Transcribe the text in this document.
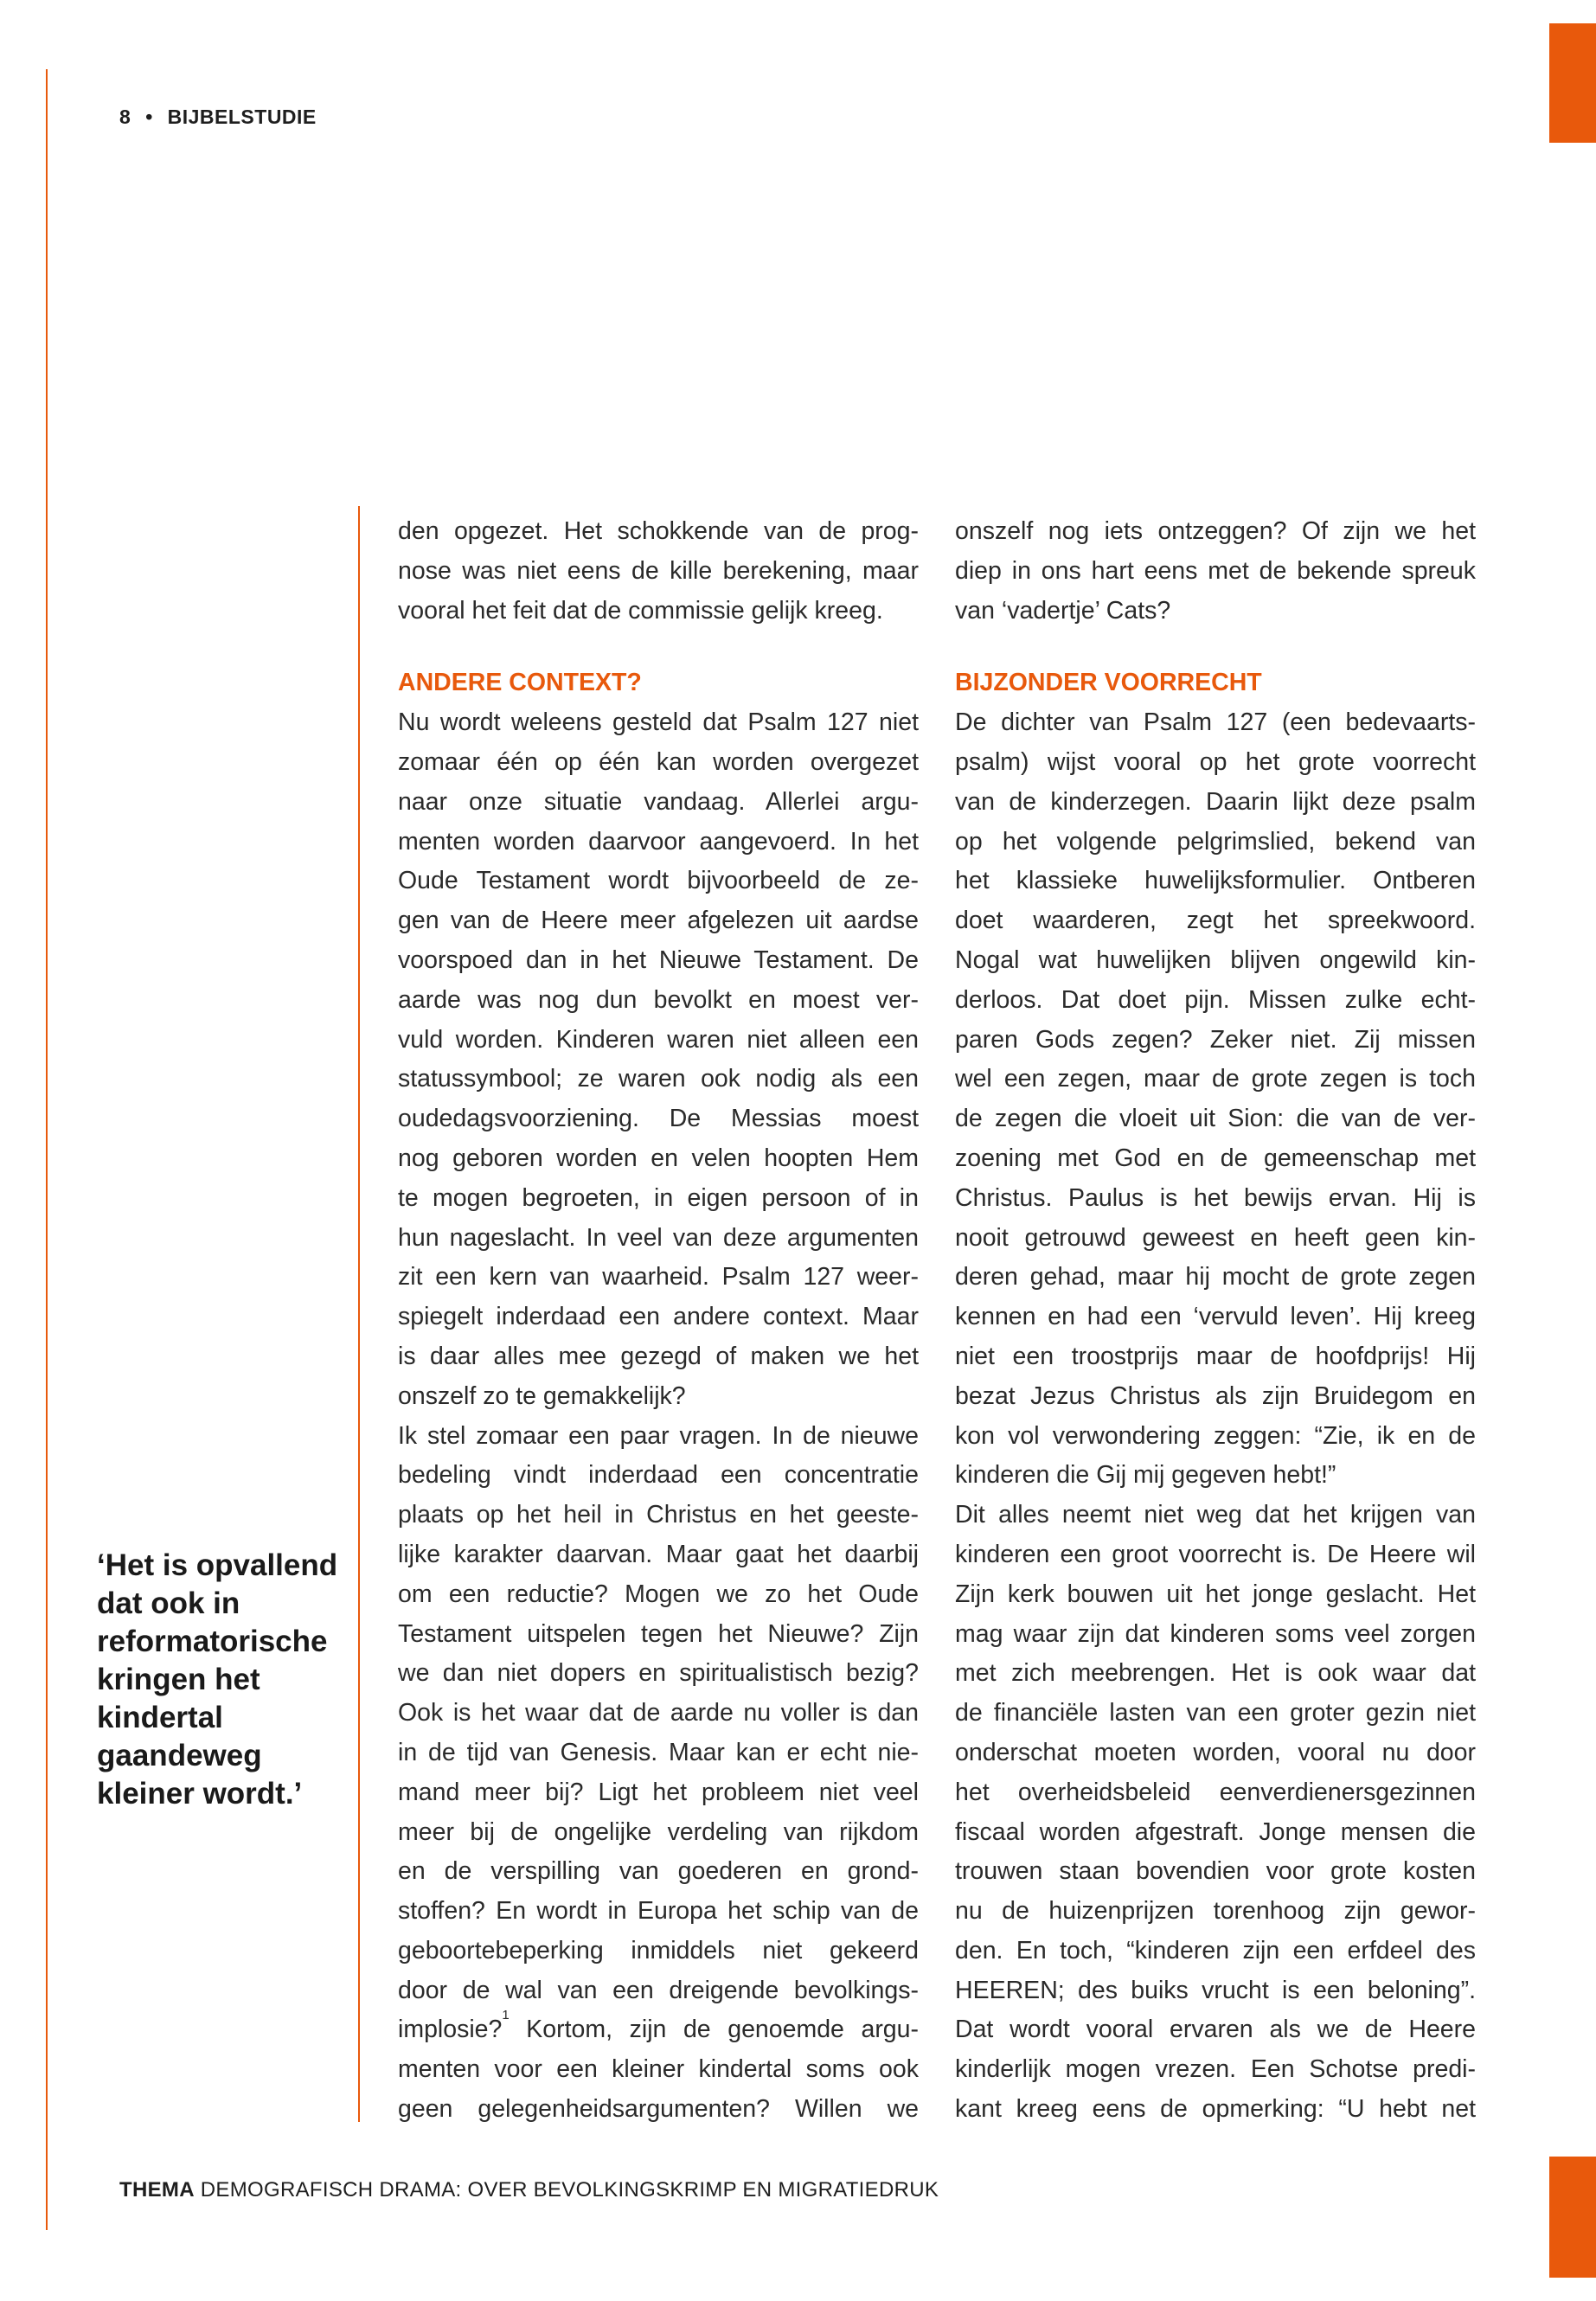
8 • BIJBELSTUDIE
‘Het is opvallend
dat ook in
reformatorische
kringen het
kindertal
gaandeweg
kleiner wordt.’
den opgezet. Het schokkende van de prog-
nose was niet eens de kille berekening, maar
vooral het feit dat de commissie gelijk kreeg.
ANDERE CONTEXT?
Nu wordt weleens gesteld dat Psalm 127 niet
zomaar één op één kan worden overgezet
naar onze situatie vandaag. Allerlei argu-
menten worden daarvoor aangevoerd. In het
Oude Testament wordt bijvoorbeeld de ze-
gen van de Heere meer afgelezen uit aardse
voorspoed dan in het Nieuwe Testament. De
aarde was nog dun bevolkt en moest ver-
vuld worden. Kinderen waren niet alleen een
statussymbool; ze waren ook nodig als een
oudedagsvoorziening. De Messias moest
nog geboren worden en velen hoopten Hem
te mogen begroeten, in eigen persoon of in
hun nageslacht. In veel van deze argumenten
zit een kern van waarheid. Psalm 127 weer-
spiegelt inderdaad een andere context. Maar
is daar alles mee gezegd of maken we het
onszelf zo te gemakkelijk?
Ik stel zomaar een paar vragen. In de nieuwe
bedeling vindt inderdaad een concentratie
plaats op het heil in Christus en het geeste-
lijke karakter daarvan. Maar gaat het daarbij
om een reductie? Mogen we zo het Oude
Testament uitspelen tegen het Nieuwe? Zijn
we dan niet dopers en spiritualistisch bezig?
Ook is het waar dat de aarde nu voller is dan
in de tijd van Genesis. Maar kan er echt nie-
mand meer bij? Ligt het probleem niet veel
meer bij de ongelijke verdeling van rijkdom
en de verspilling van goederen en grond-
stoffen? En wordt in Europa het schip van de
geboortebeperking inmiddels niet gekeerd
door de wal van een dreigende bevolkings-
implosie?$^1$ Kortom, zijn de genoemde argu-
menten voor een kleiner kindertal soms ook
geen gelegenheidsargumenten? Willen we
onszelf nog iets ontzeggen? Of zijn we het
diep in ons hart eens met de bekende spreuk
van ‘vadertje’ Cats?
BIJZONDER VOORRECHT
De dichter van Psalm 127 (een bedevaarts-
psalm) wijst vooral op het grote voorrecht
van de kinderzegen. Daarin lijkt deze psalm
op het volgende pelgrimslied, bekend van
het klassieke huwelijksformulier. Ontberen
doet waarderen, zegt het spreekwoord.
Nogal wat huwelijken blijven ongewild kin-
derloos. Dat doet pijn. Missen zulke echt-
paren Gods zegen? Zeker niet. Zij missen
wel een zegen, maar de grote zegen is toch
de zegen die vloeit uit Sion: die van de ver-
zoening met God en de gemeenschap met
Christus. Paulus is het bewijs ervan. Hij is
nooit getrouwd geweest en heeft geen kin-
deren gehad, maar hij mocht de grote zegen
kennen en had een ‘vervuld leven’. Hij kreeg
niet een troostprijs maar de hoofdprijs! Hij
bezat Jezus Christus als zijn Bruidegom en
kon vol verwondering zeggen: “Zie, ik en de
kinderen die Gij mij gegeven hebt!”
Dit alles neemt niet weg dat het krijgen van
kinderen een groot voorrecht is. De Heere wil
Zijn kerk bouwen uit het jonge geslacht. Het
mag waar zijn dat kinderen soms veel zorgen
met zich meebrengen. Het is ook waar dat
de financiële lasten van een groter gezin niet
onderschat moeten worden, vooral nu door
het overheidsbeleid eenverdienersgezinnen
fiscaal worden afgestraft. Jonge mensen die
trouwen staan bovendien voor grote kosten
nu de huizenprijzen torenhoog zijn gewor-
den. En toch, “kinderen zijn een erfdeel des
HEEREN; des buiks vrucht is een beloning”.
Dat wordt vooral ervaren als we de Heere
kinderlijk mogen vrezen. Een Schotse predi-
kant kreeg eens de opmerking: “U hebt net
THEMA DEMOGRAFISCH DRAMA: OVER BEVOLKINGSKRIMP EN MIGRATIEDRUK
